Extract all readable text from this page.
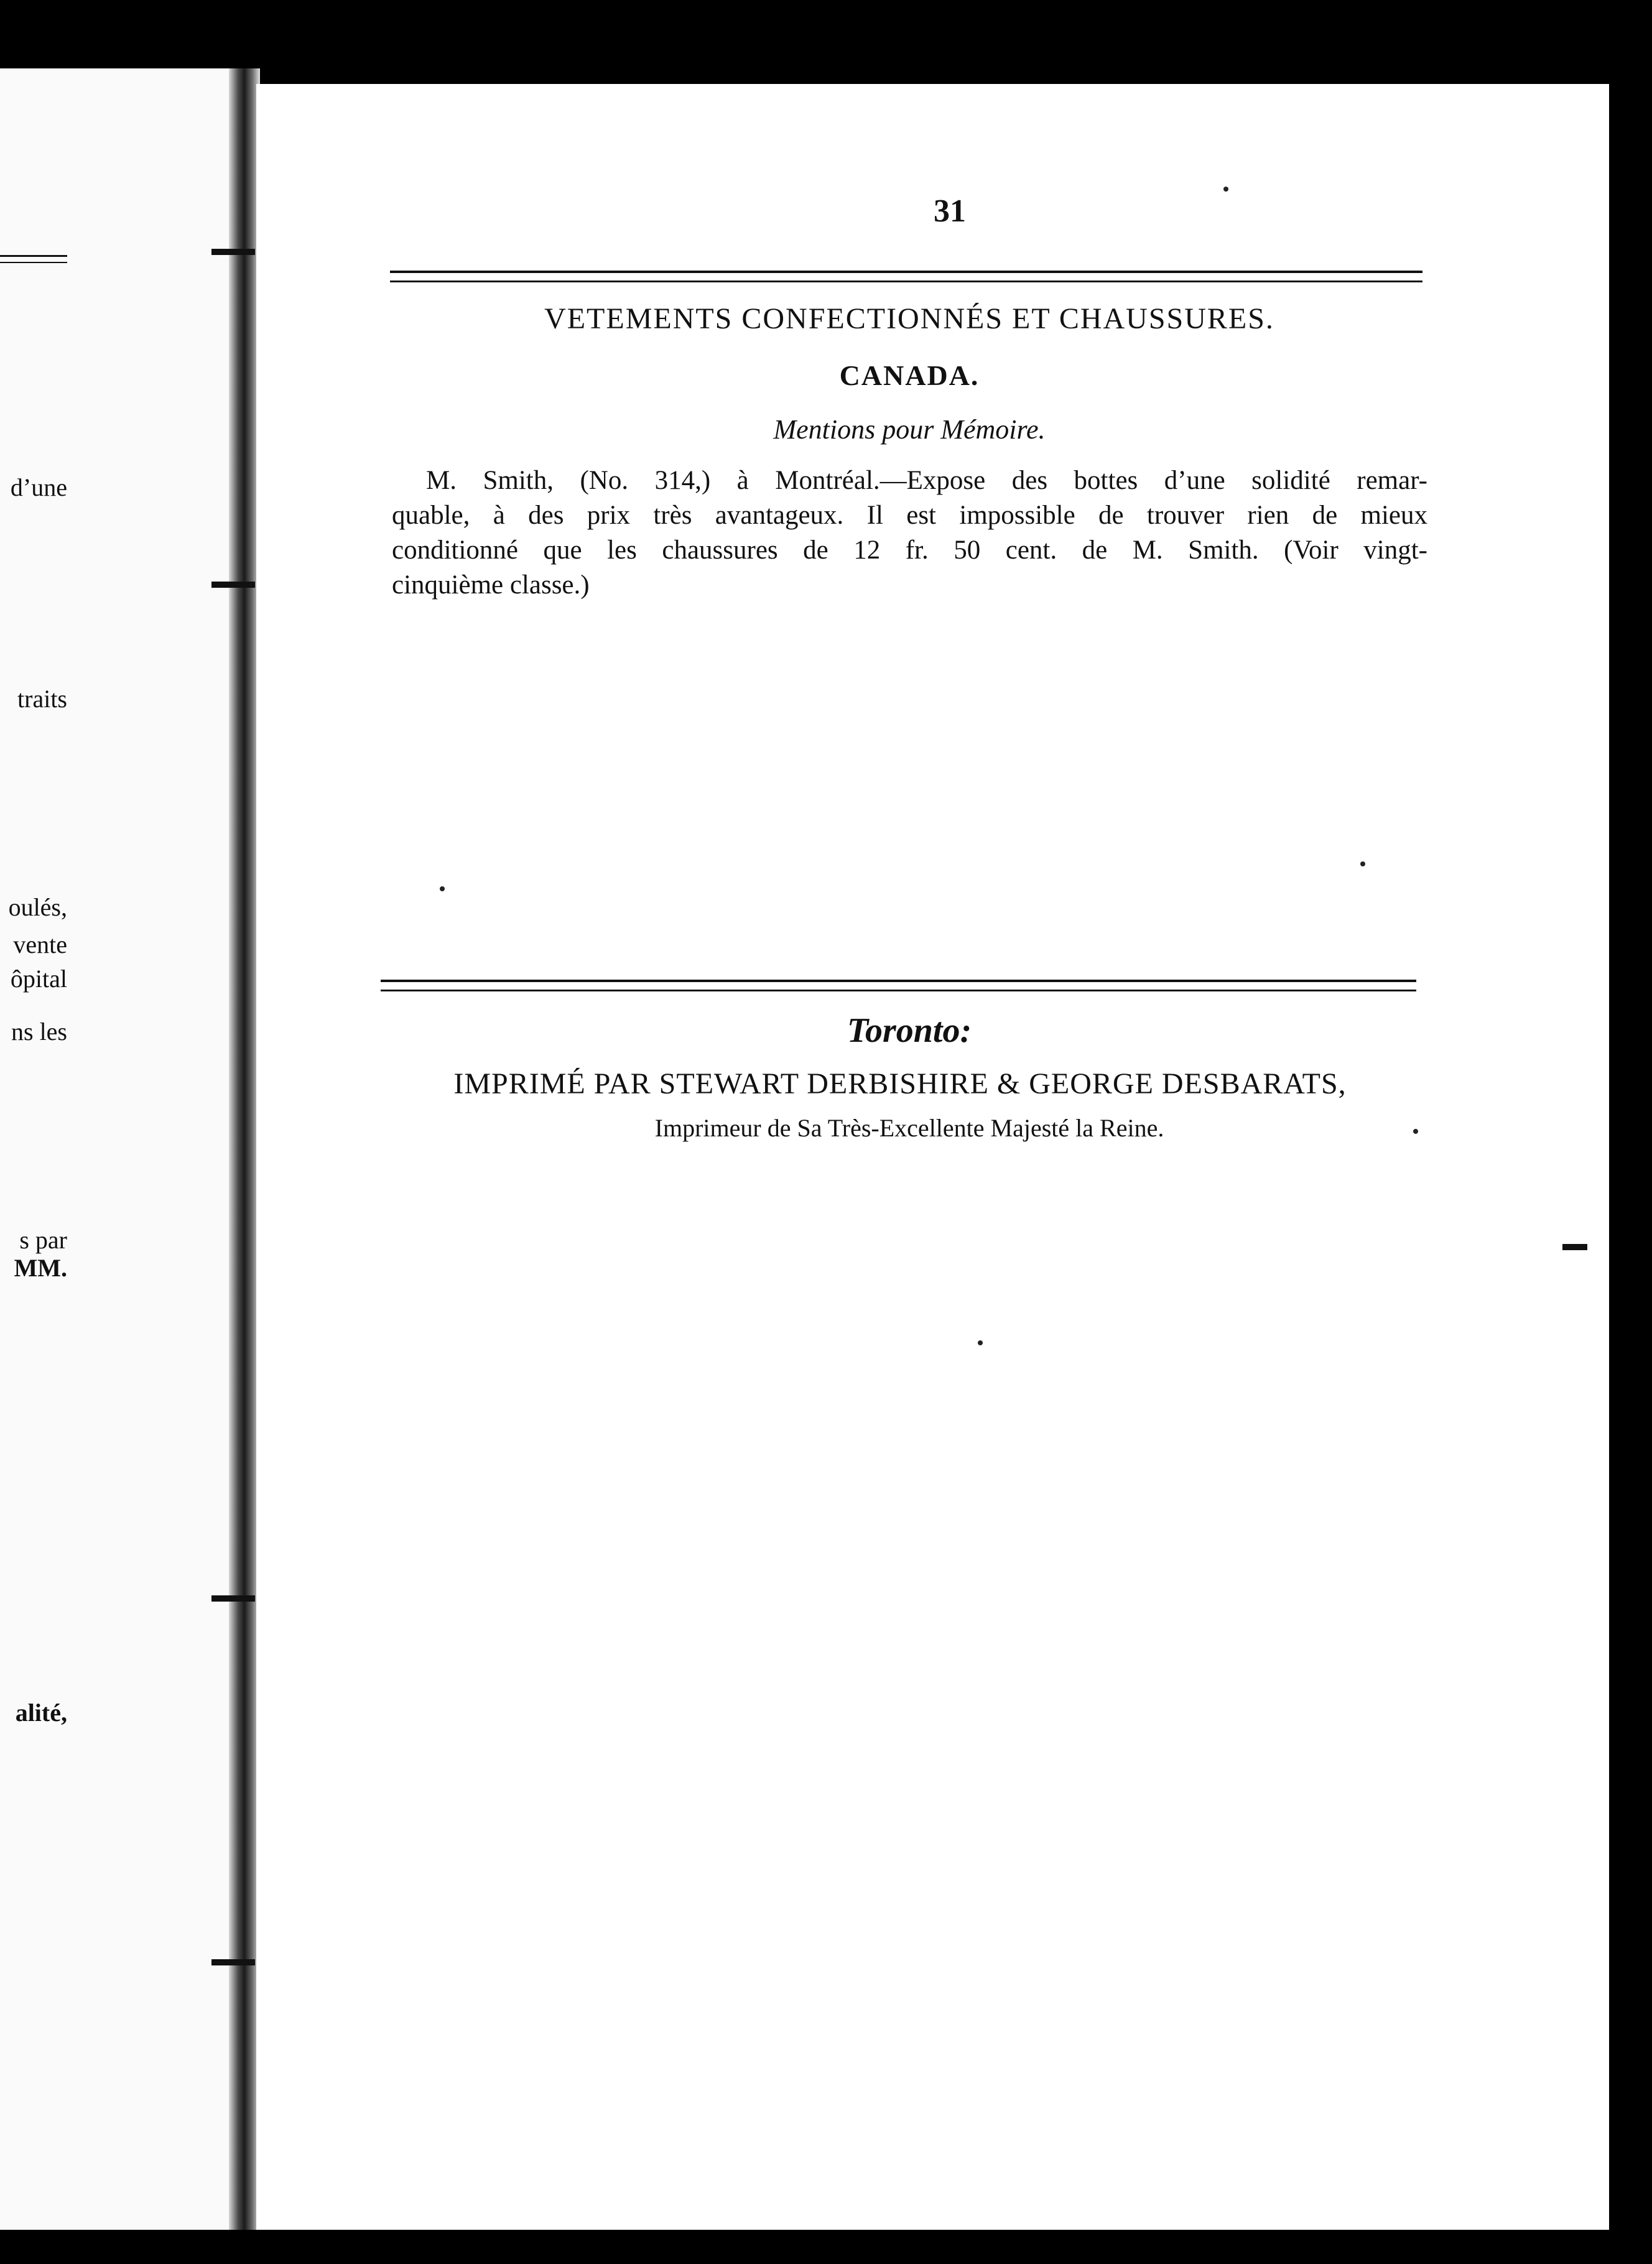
d’une
traits
oulés,
vente
ôpital
ns les
s par
MM.
alité,
31
VETEMENTS CONFECTIONNÉS ET CHAUSSURES.
CANADA.
Mentions pour Mémoire.
M. Smith, (No. 314,) à Montréal.—Expose des bottes d’une solidité remar-
quable, à des prix très avantageux. Il est impossible de trouver rien de mieux
conditionné que les chaussures de 12 fr. 50 cent. de M. Smith. (Voir vingt-
cinquième classe.)
Toronto:
IMPRIMÉ PAR STEWART DERBISHIRE & GEORGE DESBARATS,
Imprimeur de Sa Très-Excellente Majesté la Reine.
